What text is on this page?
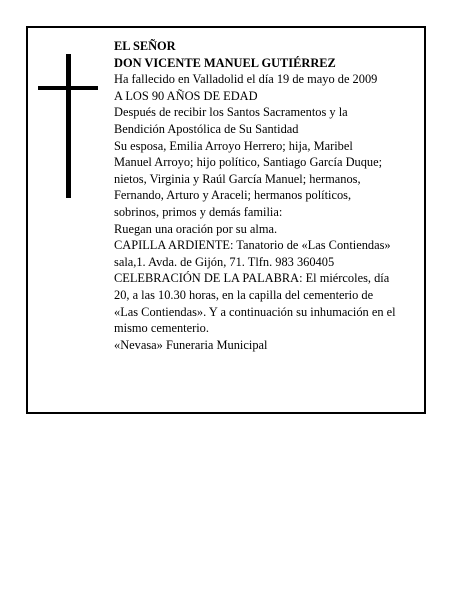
EL SEÑOR

DON VICENTE MANUEL GUTIÉRREZ

Ha fallecido en Valladolid el día 19 de mayo de 2009

A LOS 90 AÑOS DE EDAD

Después de recibir los Santos Sacramentos y la

Bendición Apostólica de Su Santidad

Su esposa, Emilia Arroyo Herrero; hija, Maribel

Manuel Arroyo; hijo político, Santiago García Duque;

nietos, Virginia y Raúl García Manuel; hermanos,

Fernando, Arturo y Araceli; hermanos políticos,

sobrinos, primos y demás familia:

Ruegan una oración por su alma.

CAPILLA ARDIENTE: Tanatorio de «Las Contiendas»

sala,1. Avda. de Gijón, 71. Tlfn. 983 360405

CELEBRACIÓN DE LA PALABRA: El miércoles, día

20, a las 10.30 horas, en la capilla del cementerio de

«Las Contiendas». Y a continuación su inhumación en el

mismo cementerio.

«Nevasa» Funeraria Municipal
